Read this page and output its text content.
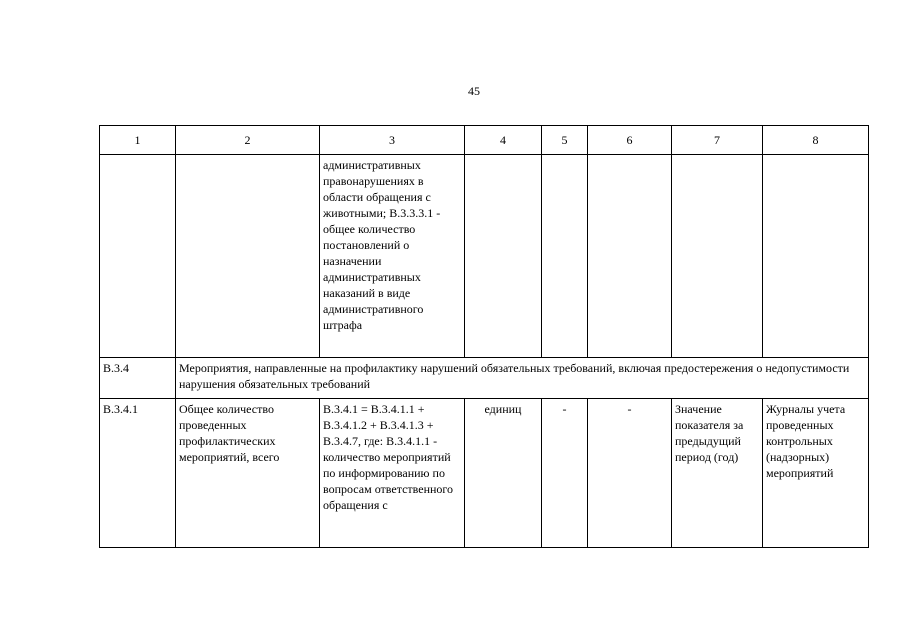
45
1	2	3	4	5	6	7	8
		административных правонарушениях в области обращения с животными; В.3.3.3.1 - общее количество постановлений о назначении административных наказаний в виде административного штрафа					
В.3.4	Мероприятия, направленные на профилактику нарушений обязательных требований, включая предостережения о недопустимости нарушения обязательных требований						
В.3.4.1	Общее количество проведенных профилактических мероприятий, всего	В.3.4.1 = В.3.4.1.1 + В.3.4.1.2 + В.3.4.1.3 + В.3.4.7, где: В.3.4.1.1 - количество мероприятий по информированию по вопросам ответственного обращения с	единиц	-	-	Значение показателя за предыдущий период (год)	Журналы учета проведенных контрольных (надзорных) мероприятий
